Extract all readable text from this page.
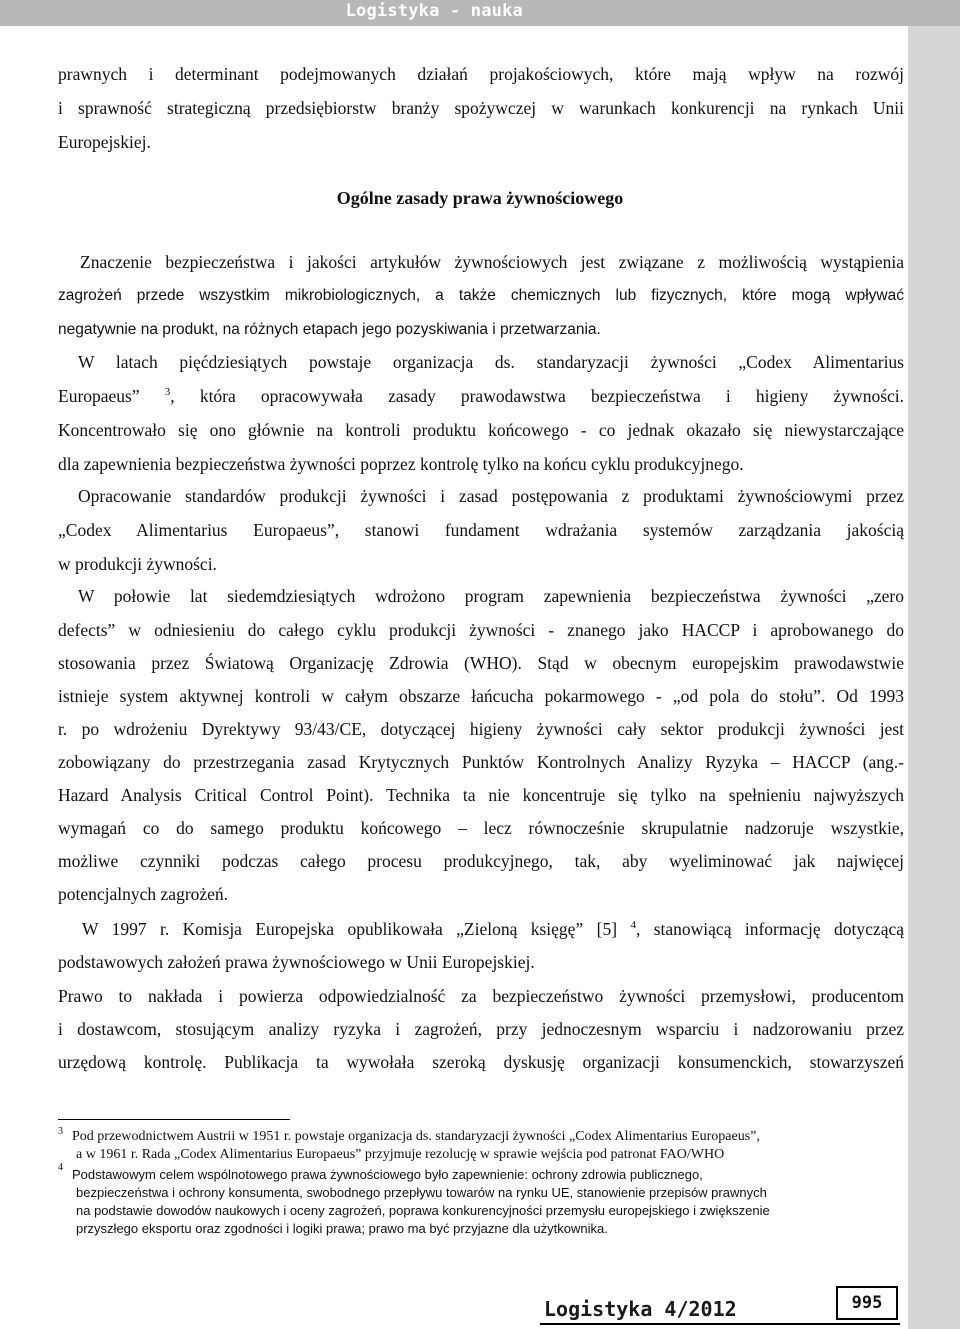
Logistyka - nauka

prawnych i determinant podejmowanych działań projakościowych, które mają wpływ na rozwój

i sprawność strategiczną przedsiębiorstw branży spożywczej w warunkach konkurencji na rynkach Unii

Europejskiej.

Ogólne zasady prawa żywnościowego

Znaczenie bezpieczeństwa i jakości artykułów żywnościowych jest związane z możliwością wystąpienia

zagrożeń przede wszystkim mikrobiologicznych, a także chemicznych lub fizycznych, które mogą wpływać

negatywnie na produkt, na różnych etapach jego pozyskiwania i przetwarzania.

W latach pięćdziesiątych powstaje organizacja ds. standaryzacji żywności „Codex Alimentarius

Europaeus” $^3$, która opracowywała zasady prawodawstwa bezpieczeństwa i higieny żywności.

Koncentrowało się ono głównie na kontroli produktu końcowego - co jednak okazało się niewystarczające

dla zapewnienia bezpieczeństwa żywności poprzez kontrolę tylko na końcu cyklu produkcyjnego.

Opracowanie standardów produkcji żywności i zasad postępowania z produktami żywnościowymi przez

„Codex Alimentarius Europaeus”, stanowi fundament wdrażania systemów zarządzania jakością

w produkcji żywności.

W połowie lat siedemdziesiątych wdrożono program zapewnienia bezpieczeństwa żywności „zero

defects” w odniesieniu do całego cyklu produkcji żywności - znanego jako HACCP i aprobowanego do

stosowania przez Światową Organizację Zdrowia (WHO). Stąd w obecnym europejskim prawodawstwie

istnieje system aktywnej kontroli w całym obszarze łańcucha pokarmowego - „od pola do stołu”. Od 1993

r. po wdrożeniu Dyrektywy 93/43/CE, dotyczącej higieny żywności cały sektor produkcji żywności jest

zobowiązany do przestrzegania zasad Krytycznych Punktów Kontrolnych Analizy Ryzyka – HACCP (ang.-

Hazard Analysis Critical Control Point). Technika ta nie koncentruje się tylko na spełnieniu najwyższych

wymagań co do samego produktu końcowego – lecz równocześnie skrupulatnie nadzoruje wszystkie,

możliwe czynniki podczas całego procesu produkcyjnego, tak, aby wyeliminować jak najwięcej

potencjalnych zagrożeń.

W 1997 r. Komisja Europejska opublikowała „Zieloną księgę” [5] $^4$, stanowiącą informację dotyczącą

podstawowych założeń prawa żywnościowego w Unii Europejskiej.

Prawo to nakłada i powierza odpowiedzialność za bezpieczeństwo żywności przemysłowi, producentom

i dostawcom, stosującym analizy ryzyka i zagrożeń, przy jednoczesnym wsparciu i nadzorowaniu przez

urzędową kontrolę. Publikacja ta wywołała szeroką dyskusję organizacji konsumenckich, stowarzyszeń

3 Pod przewodnictwem Austrii w 1951 r. powstaje organizacja ds. standaryzacji żywności „Codex Alimentarius Europaeus”,

a w 1961 r. Rada „Codex Alimentarius Europaeus” przyjmuje rezolucję w sprawie wejścia pod patronat FAO/WHO

4 Podstawowym celem wspólnotowego prawa żywnościowego było zapewnienie: ochrony zdrowia publicznego,

bezpieczeństwa i ochrony konsumenta, swobodnego przepływu towarów na rynku UE, stanowienie przepisów prawnych

na podstawie dowodów naukowych i oceny zagrożeń, poprawa konkurencyjności przemysłu europejskiego i zwiększenie

przyszłego eksportu oraz zgodności i logiki prawa; prawo ma być przyjazne dla użytkownika.

Logistyka 4/2012	995
